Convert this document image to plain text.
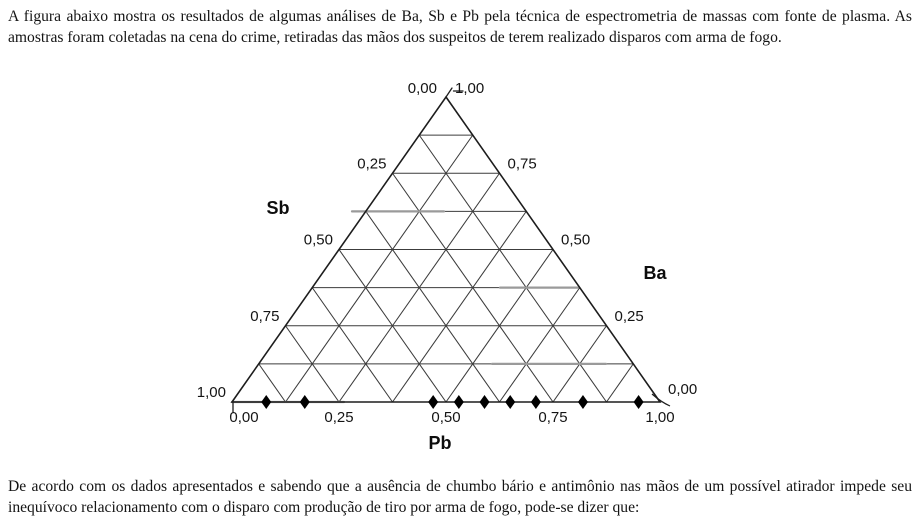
A figura abaixo mostra os resultados de algumas análises de Ba, Sb e Pb pela técnica de espectrometria de massas com fonte de plasma. As amostras foram coletadas na cena do crime, retiradas das mãos dos suspeitos de terem realizado disparos com arma de fogo.

0,00
0,25
0,50
0,75
1,00
1,00
0,75
0,50
0,25
0,00
0,00	0,25	0,50	0,75	1,00
Sb
Ba
Pb

De acordo com os dados apresentados e sabendo que a ausência de chumbo bário e antimônio nas mãos de um possível atirador impede seu inequívoco relacionamento com o disparo com produção de tiro por arma de fogo, pode-se dizer que:
